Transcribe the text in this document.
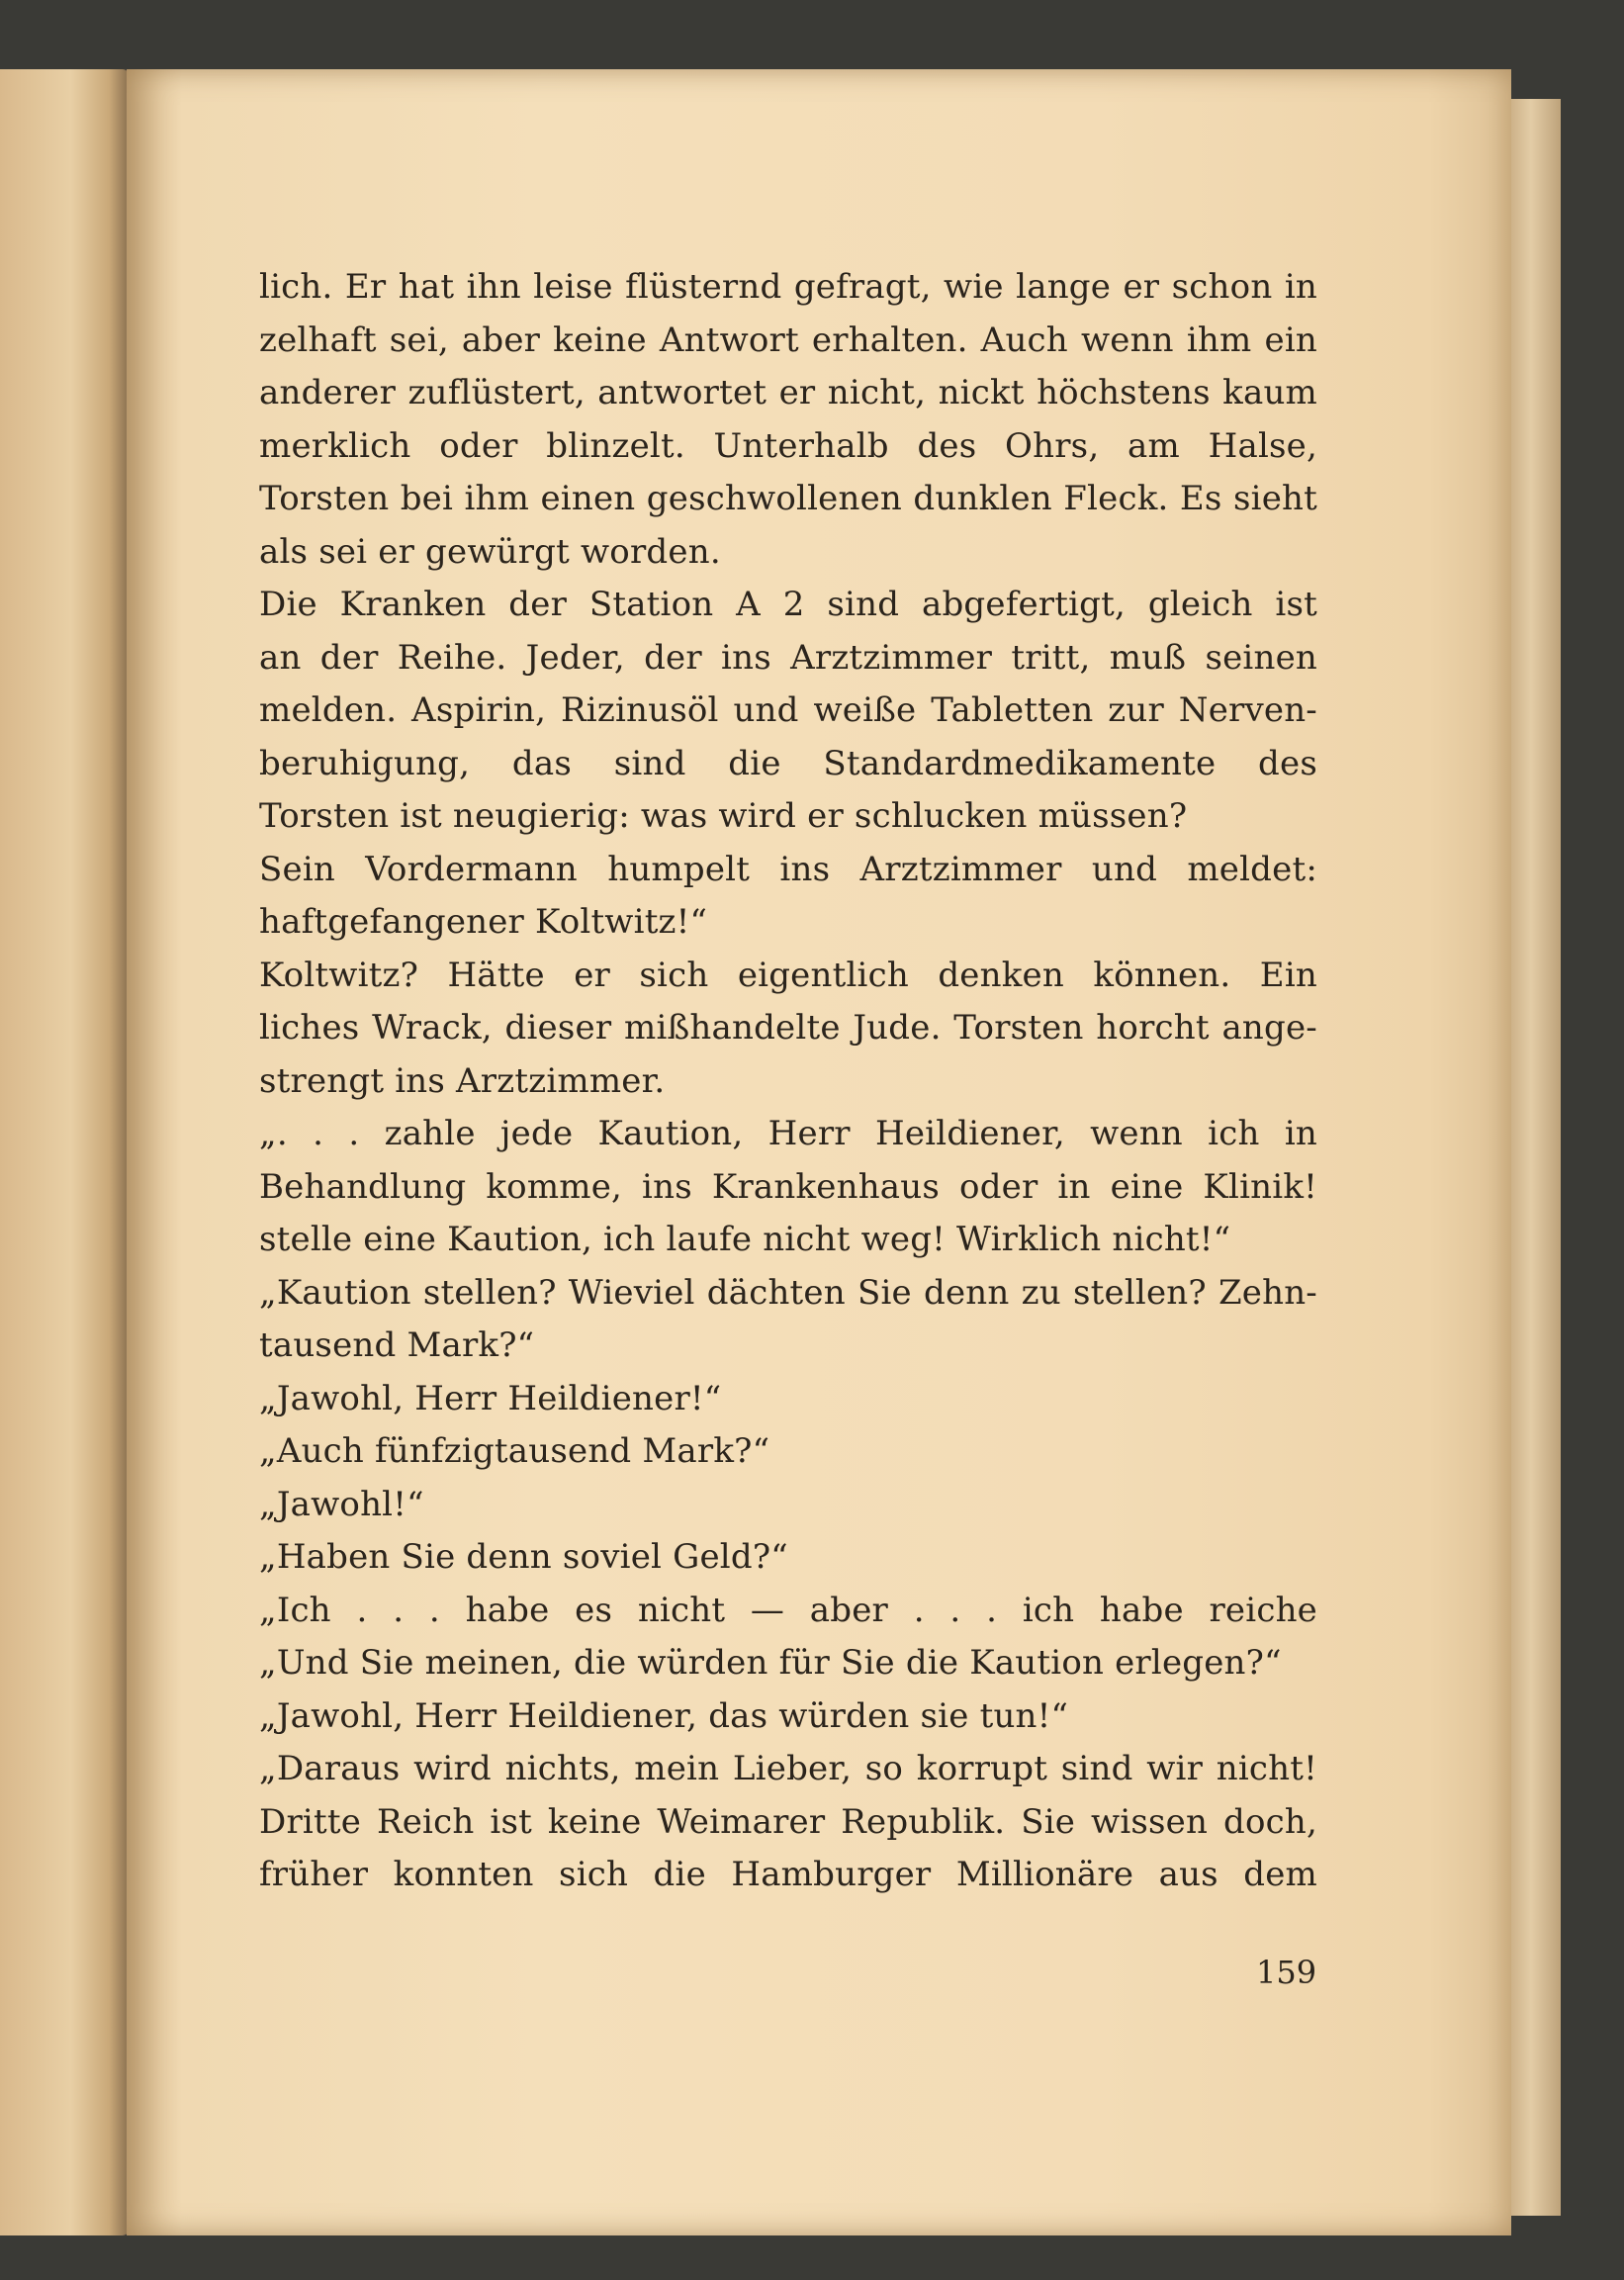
lich. Er hat ihn leise flüsternd gefragt, wie lange er schon in
zelhaft sei, aber keine Antwort erhalten. Auch wenn ihm ein
anderer zuflüstert, antwortet er nicht, nickt höchstens kaum
merklich oder blinzelt. Unterhalb des Ohrs, am Halse,
Torsten bei ihm einen geschwollenen dunklen Fleck. Es sieht
als sei er gewürgt worden.
Die Kranken der Station A 2 sind abgefertigt, gleich ist
an der Reihe. Jeder, der ins Arztzimmer tritt, muß seinen
melden. Aspirin, Rizinusöl und weiße Tabletten zur Nerven-
beruhigung, das sind die Standardmedikamente des
Torsten ist neugierig: was wird er schlucken müssen?
Sein Vordermann humpelt ins Arztzimmer und meldet:
haftgefangener Koltwitz!“
Koltwitz? Hätte er sich eigentlich denken können. Ein
liches Wrack, dieser mißhandelte Jude. Torsten horcht ange-
strengt ins Arztzimmer.
„. . . zahle jede Kaution, Herr Heildiener, wenn ich in
Behandlung komme, ins Krankenhaus oder in eine Klinik!
stelle eine Kaution, ich laufe nicht weg! Wirklich nicht!“
„Kaution stellen? Wieviel dächten Sie denn zu stellen? Zehn-
tausend Mark?“
„Jawohl, Herr Heildiener!“
„Auch fünfzigtausend Mark?“
„Jawohl!“
„Haben Sie denn soviel Geld?“
„Ich . . . habe es nicht — aber . . . ich habe reiche
„Und Sie meinen, die würden für Sie die Kaution erlegen?“
„Jawohl, Herr Heildiener, das würden sie tun!“
„Daraus wird nichts, mein Lieber, so korrupt sind wir nicht!
Dritte Reich ist keine Weimarer Republik. Sie wissen doch,
früher konnten sich die Hamburger Millionäre aus dem
159
